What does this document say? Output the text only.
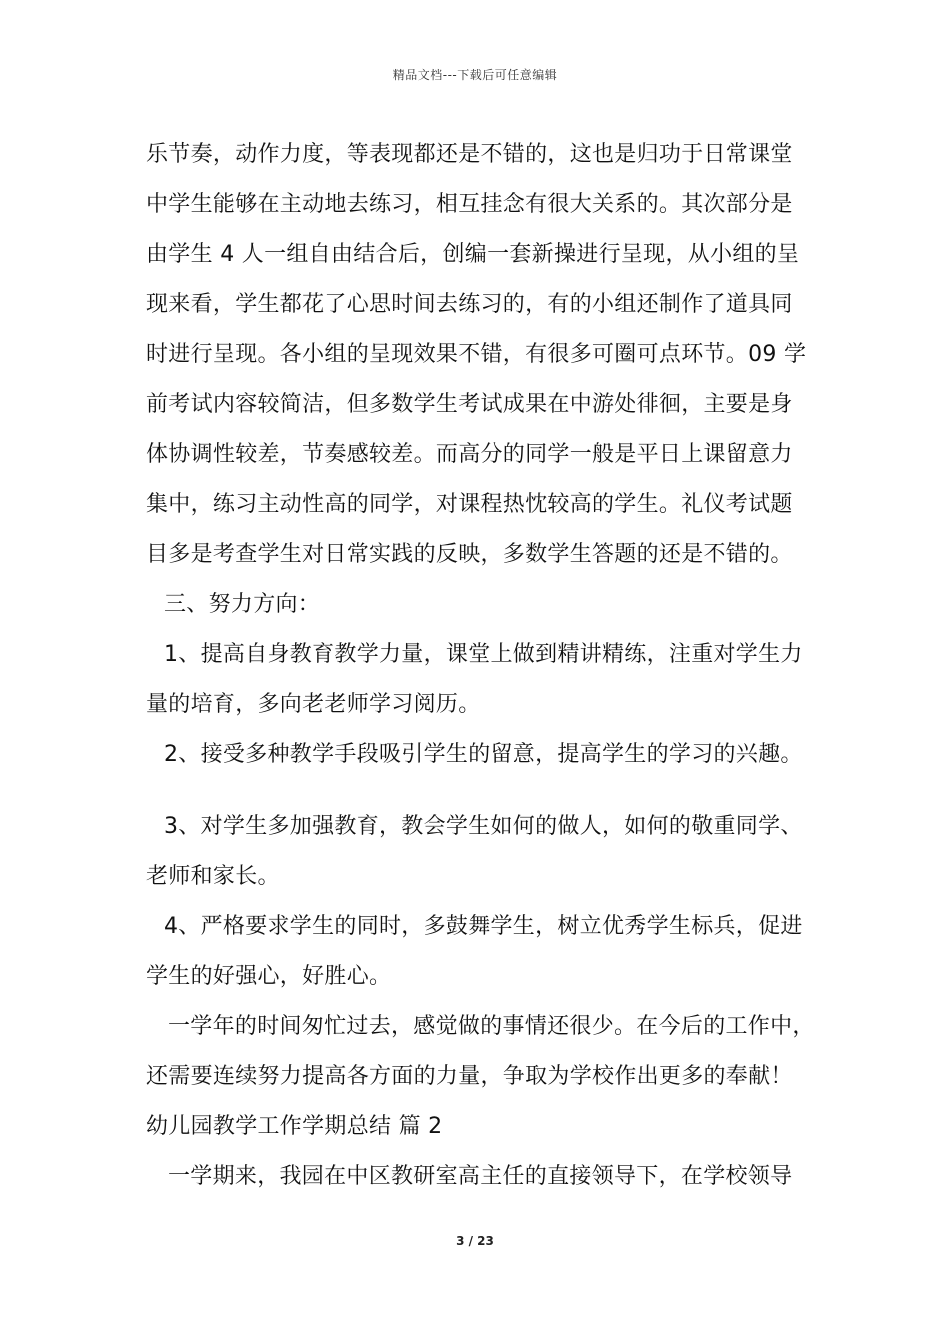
精品文档---下载后可任意编辑
乐节奏，动作力度，等表现都还是不错的，这也是归功于日常课堂
中学生能够在主动地去练习，相互挂念有很大关系的。其次部分是
由学生 4 人一组自由结合后，创编一套新操进行呈现，从小组的呈
现来看，学生都花了心思时间去练习的，有的小组还制作了道具同
时进行呈现。各小组的呈现效果不错，有很多可圈可点环节。09 学
前考试内容较简洁，但多数学生考试成果在中游处徘徊，主要是身
体协调性较差，节奏感较差。而高分的同学一般是平日上课留意力
集中，练习主动性高的同学，对课程热忱较高的学生。礼仪考试题
目多是考查学生对日常实践的反映，多数学生答题的还是不错的。
三、努力方向：
1、提高自身教育教学力量，课堂上做到精讲精练，注重对学生力
量的培育，多向老老师学习阅历。
2、接受多种教学手段吸引学生的留意，提高学生的学习的兴趣。
3、对学生多加强教育，教会学生如何的做人，如何的敬重同学、
老师和家长。
4、严格要求学生的同时，多鼓舞学生，树立优秀学生标兵，促进
学生的好强心，好胜心。
一学年的时间匆忙过去，感觉做的事情还很少。在今后的工作中，
还需要连续努力提高各方面的力量，争取为学校作出更多的奉献！
幼儿园教学工作学期总结 篇 2
一学期来，我园在中区教研室高主任的直接领导下，在学校领导
3 / 23
